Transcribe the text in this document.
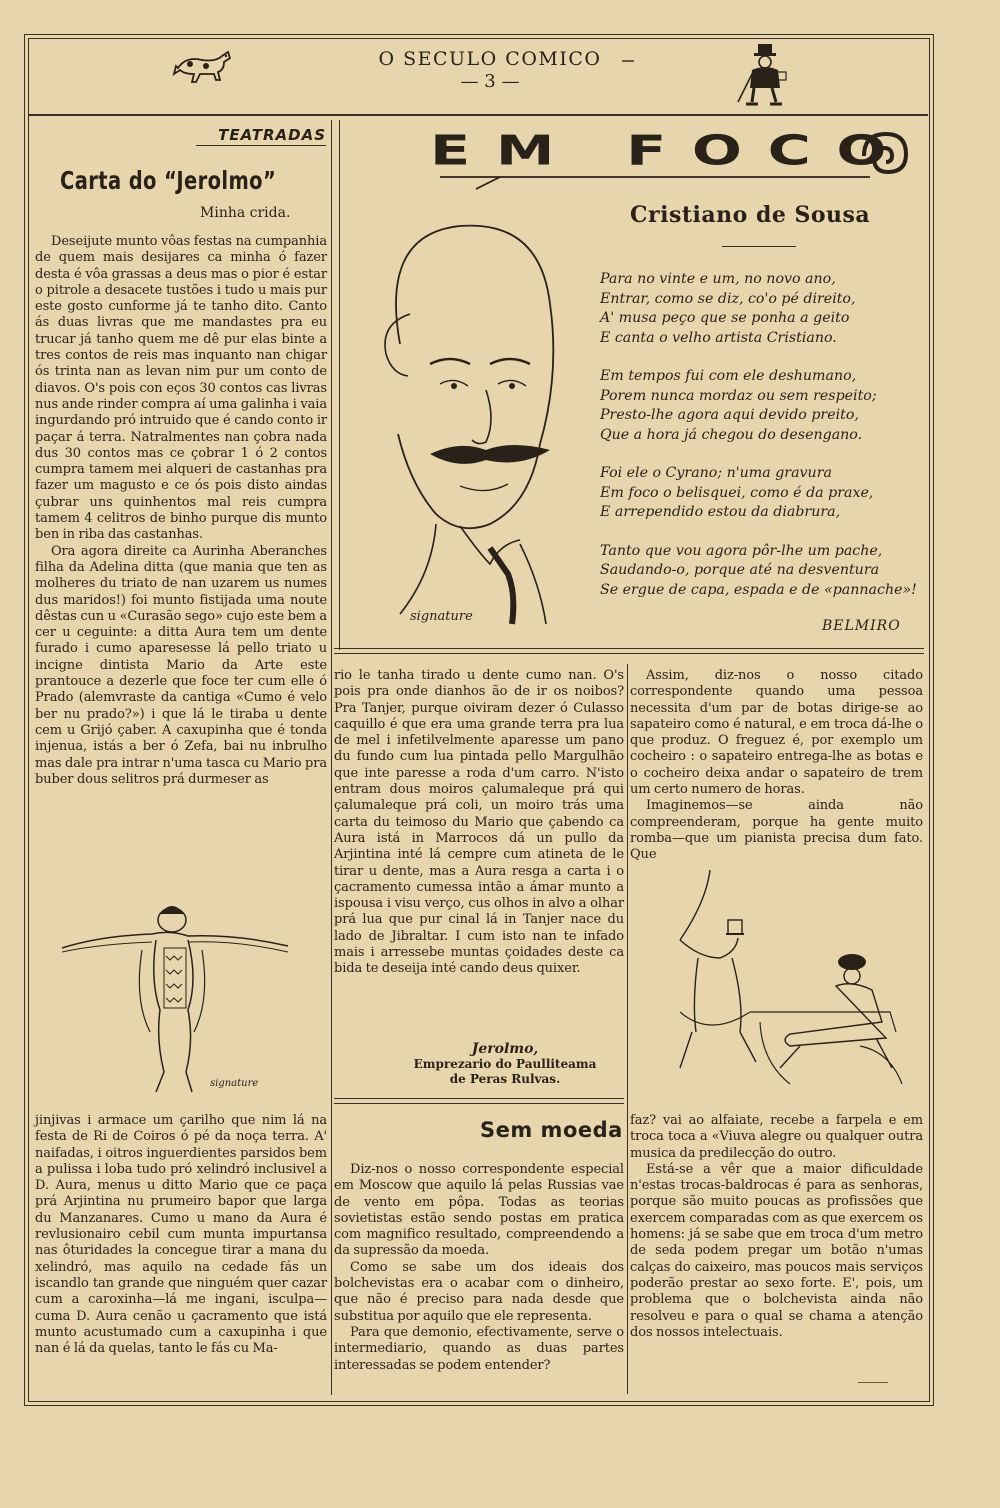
O SECULO COMICO
— 3 —
TEATRADAS
Carta do “Jerolmo”
Minha crida.

Deseijute munto vôas festas na cumpanhia de quem mais desijares ca minha ó fazer desta é vôa grassas a deus mas o pior é estar o pitrole a desacete tustões i tudo u mais pur este gosto cunforme já te tanho dito. Canto ás duas livras que me mandastes pra eu trucar já tanho quem me dê pur elas binte a tres contos de reis mas inquanto nan chigar ós trinta nan as levan nim pur um conto de diavos. O's pois con eços 30 contos cas livras nus ande rinder compra aí uma galinha i vaia ingurdando pró intruido que é cando conto ir paçar á terra. Natralmentes nan çobra nada dus 30 contos mas ce çobrar 1 ó 2 contos cumpra tamem mei alqueri de castanhas pra fazer um magusto e ce ós pois disto aindas çubrar uns quinhentos mal reis cumpra tamem 4 celitros de binho purque dis munto ben in riba das castanhas.

Ora agora direite ca Aurinha Aberanches filha da Adelina ditta (que mania que ten as molheres du triato de nan uzarem us numes dus maridos!) foi munto fistijada uma noute dêstas cun u «Curasão sego» cujo este bem a cer u ceguinte: a ditta Aura tem um dente furado i cumo aparesesse lá pello triato u incigne dintista Mario da Arte este prantouce a dezerle que foce ter cum elle ó Prado (alemvraste da cantiga «Cumo é velo ber nu prado?») i que lá le tiraba u dente cem u Grijó çaber. A caxupinha que é tonda injenua, istás a ber ó Zefa, bai nu inbrulho mas dale pra intrar n'uma tasca cu Mario pra buber dous selitros prá durmeser as

signature

jinjivas i armace um çarilho que nim lá na festa de Ri de Coiros ó pé da noça terra. A' naifadas, i oitros inguerdientes parsidos bem a pulissa i loba tudo pró xelindró inclusivel a D. Aura, menus u ditto Mario que ce paça prá Arjintina nu prumeiro bapor que larga du Manzanares. Cumo u mano da Aura é revlusionairo cebil cum munta impurtansa nas ôturidades la concegue tirar a mana du xelindró, mas aquilo na cedade fás un iscandlo tan grande que ninguém quer cazar cum a caroxinha—lá me ingani, isculpa—cuma D. Aura cenão u çacramento que istá munto acustumado cum a caxupinha i que nan é lá da quelas, tanto le fás cu Ma-

EM FOCO
signature
Cristiano de Sousa
Para no vinte e um, no novo ano,
Entrar, como se diz, co'o pé direito,
A' musa peço que se ponha a geito
E canta o velho artista Cristiano.
Em tempos fui com ele deshumano,
Porem nunca mordaz ou sem respeito;
Presto-lhe agora aqui devido preito,
Que a hora já chegou do desengano.
Foi ele o Cyrano; n'uma gravura
Em foco o belisquei, como é da praxe,
E arrependido estou da diabrura,
Tanto que vou agora pôr-lhe um pache,
Saudando-o, porque até na desventura
Se ergue de capa, espada e de «pannache»!
BELMIRO

rio le tanha tirado u dente cumo nan. O's pois pra onde dianhos ão de ir os noibos? Pra Tanjer, purque oiviram dezer ó Culasso caquillo é que era uma grande terra pra lua de mel i infetilvelmente aparesse um pano du fundo cum lua pintada pello Margulhão que inte paresse a roda d'um carro. N'isto entram dous moiros çalumaleque prá qui çalumaleque prá coli, un moiro trás uma carta du teimoso du Mario que çabendo ca Aura istá in Marrocos dá un pullo da Arjintina inté lá cempre cum atineta de le tirar u dente, mas a Aura resga a carta i o çacramento cumessa intão a ámar munto a ispousa i visu verço, cus olhos in alvo a olhar prá lua que pur cinal lá in Tanjer nace du lado de Jibraltar. I cum isto nan te infado mais i arressebe muntas çoidades deste ca bida te deseija inté cando deus quixer.

Jerolmo,
Emprezario do Paulliteama
de Peras Rulvas.
Sem moeda

Diz-nos o nosso correspondente especial em Moscow que aquilo lá pelas Russias vae de vento em pôpa. Todas as teorias sovietistas estão sendo postas em pratica com magnifico resultado, compreendendo a da supressão da moeda.

Como se sabe um dos ideais dos bolchevistas era o acabar com o dinheiro, que não é preciso para nada desde que substitua por aquilo que ele representa.

Para que demonio, efectivamente, serve o intermediario, quando as duas partes interessadas se podem entender?

Assim, diz-nos o nosso citado correspondente quando uma pessoa necessita d'um par de botas dirige-se ao sapateiro como é natural, e em troca dá-lhe o que produz. O freguez é, por exemplo um cocheiro : o sapateiro entrega-lhe as botas e o cocheiro deixa andar o sapateiro de trem um certo numero de horas.

Imaginemos—se ainda não compreenderam, porque ha gente muito romba—que um pianista precisa dum fato. Que

faz? vai ao alfaiate, recebe a farpela e em troca toca a «Viuva alegre ou qualquer outra musica da predilecção do outro.

Está-se a vêr que a maior dificuldade n'estas trocas-baldrocas é para as senhoras, porque são muito poucas as profissões que exercem comparadas com as que exercem os homens: já se sabe que em troca d'um metro de seda podem pregar um botão n'umas calças do caixeiro, mas poucos mais serviços poderão prestar ao sexo forte. E', pois, um problema que o bolchevista ainda não resolveu e para o qual se chama a atenção dos nossos intelectuais.
